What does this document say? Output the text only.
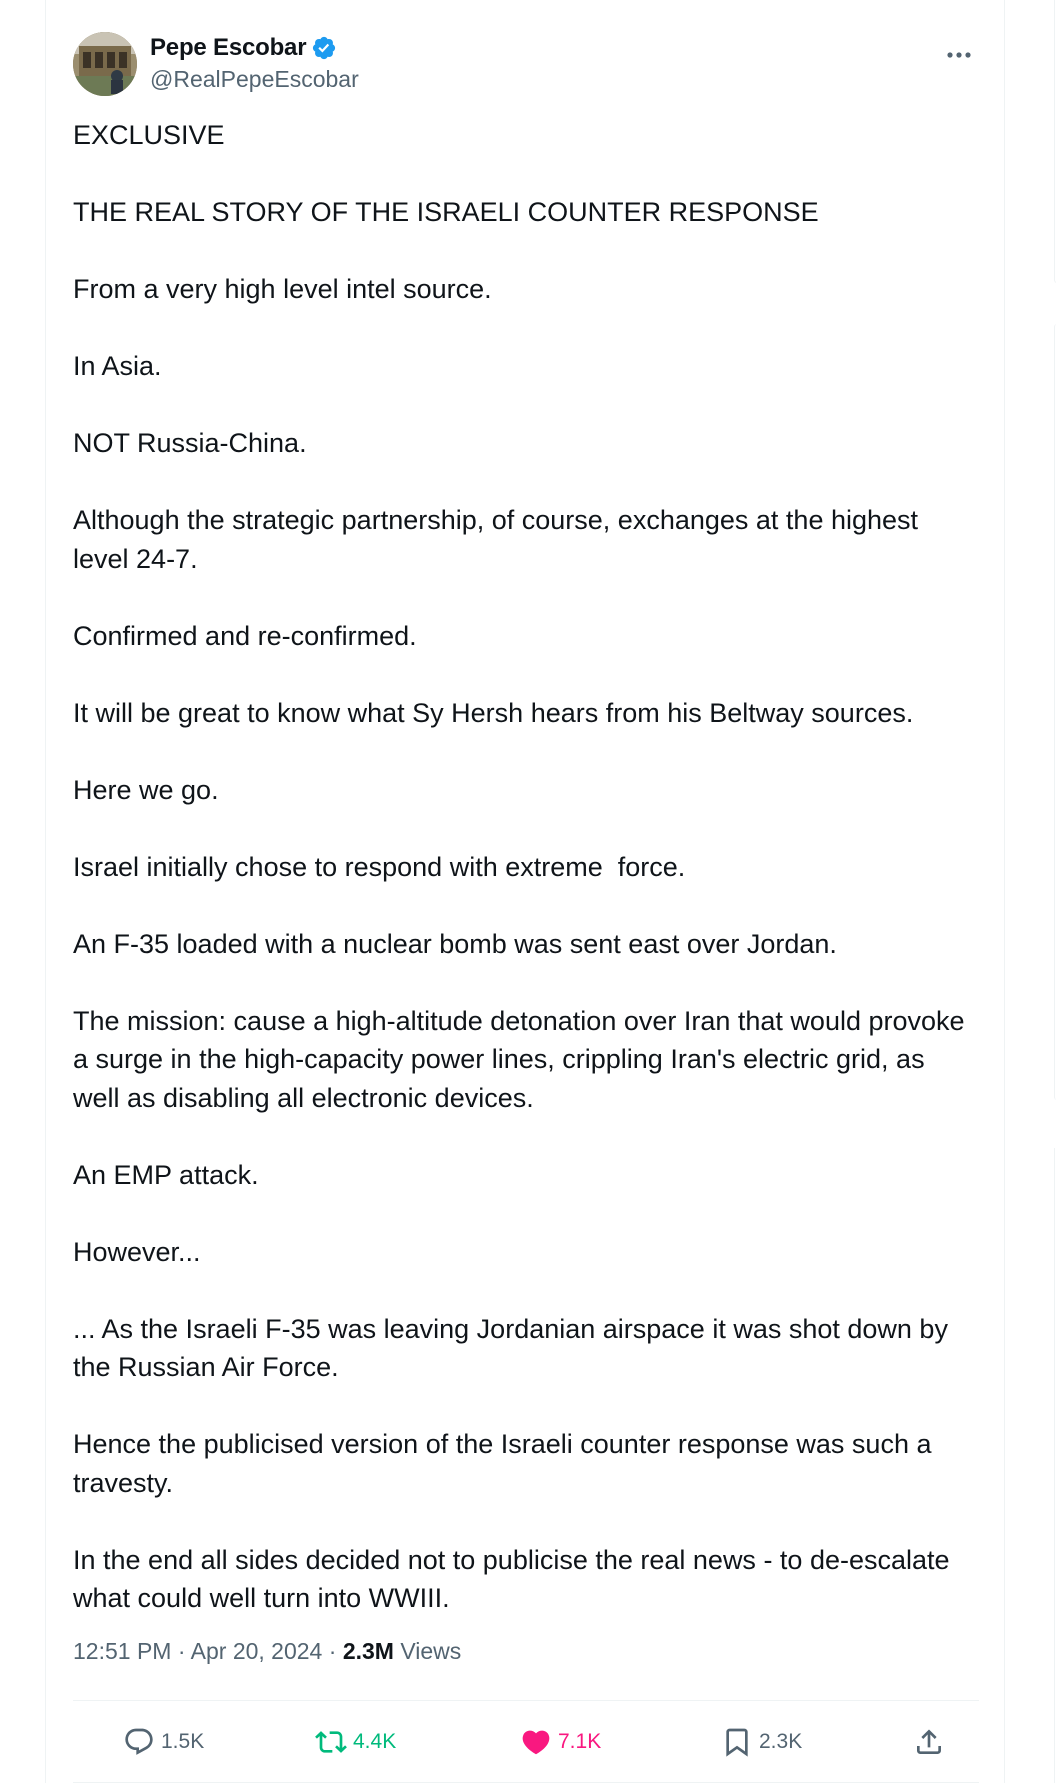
Pepe Escobar
@RealPepeEscobar

EXCLUSIVE

THE REAL STORY OF THE ISRAELI COUNTER RESPONSE

From a very high level intel source.

In Asia.

NOT Russia-China.

Although the strategic partnership, of course, exchanges at the highest level 24-7.

Confirmed and re-confirmed.

It will be great to know what Sy Hersh hears from his Beltway sources.

Here we go.

Israel initially chose to respond with extreme  force.

An F-35 loaded with a nuclear bomb was sent east over Jordan.

The mission: cause a high-altitude detonation over Iran that would provoke a surge in the high-capacity power lines, crippling Iran's electric grid, as well as disabling all electronic devices.

An EMP attack.

However...

... As the Israeli F-35 was leaving Jordanian airspace it was shot down by the Russian Air Force.

Hence the publicised version of the Israeli counter response was such a travesty.

In the end all sides decided not to publicise the real news - to de-escalate what could well turn into WWIII.

12:51 PM · Apr 20, 2024 · 2.3M Views
1.5K	4.4K	7.1K	2.3K
